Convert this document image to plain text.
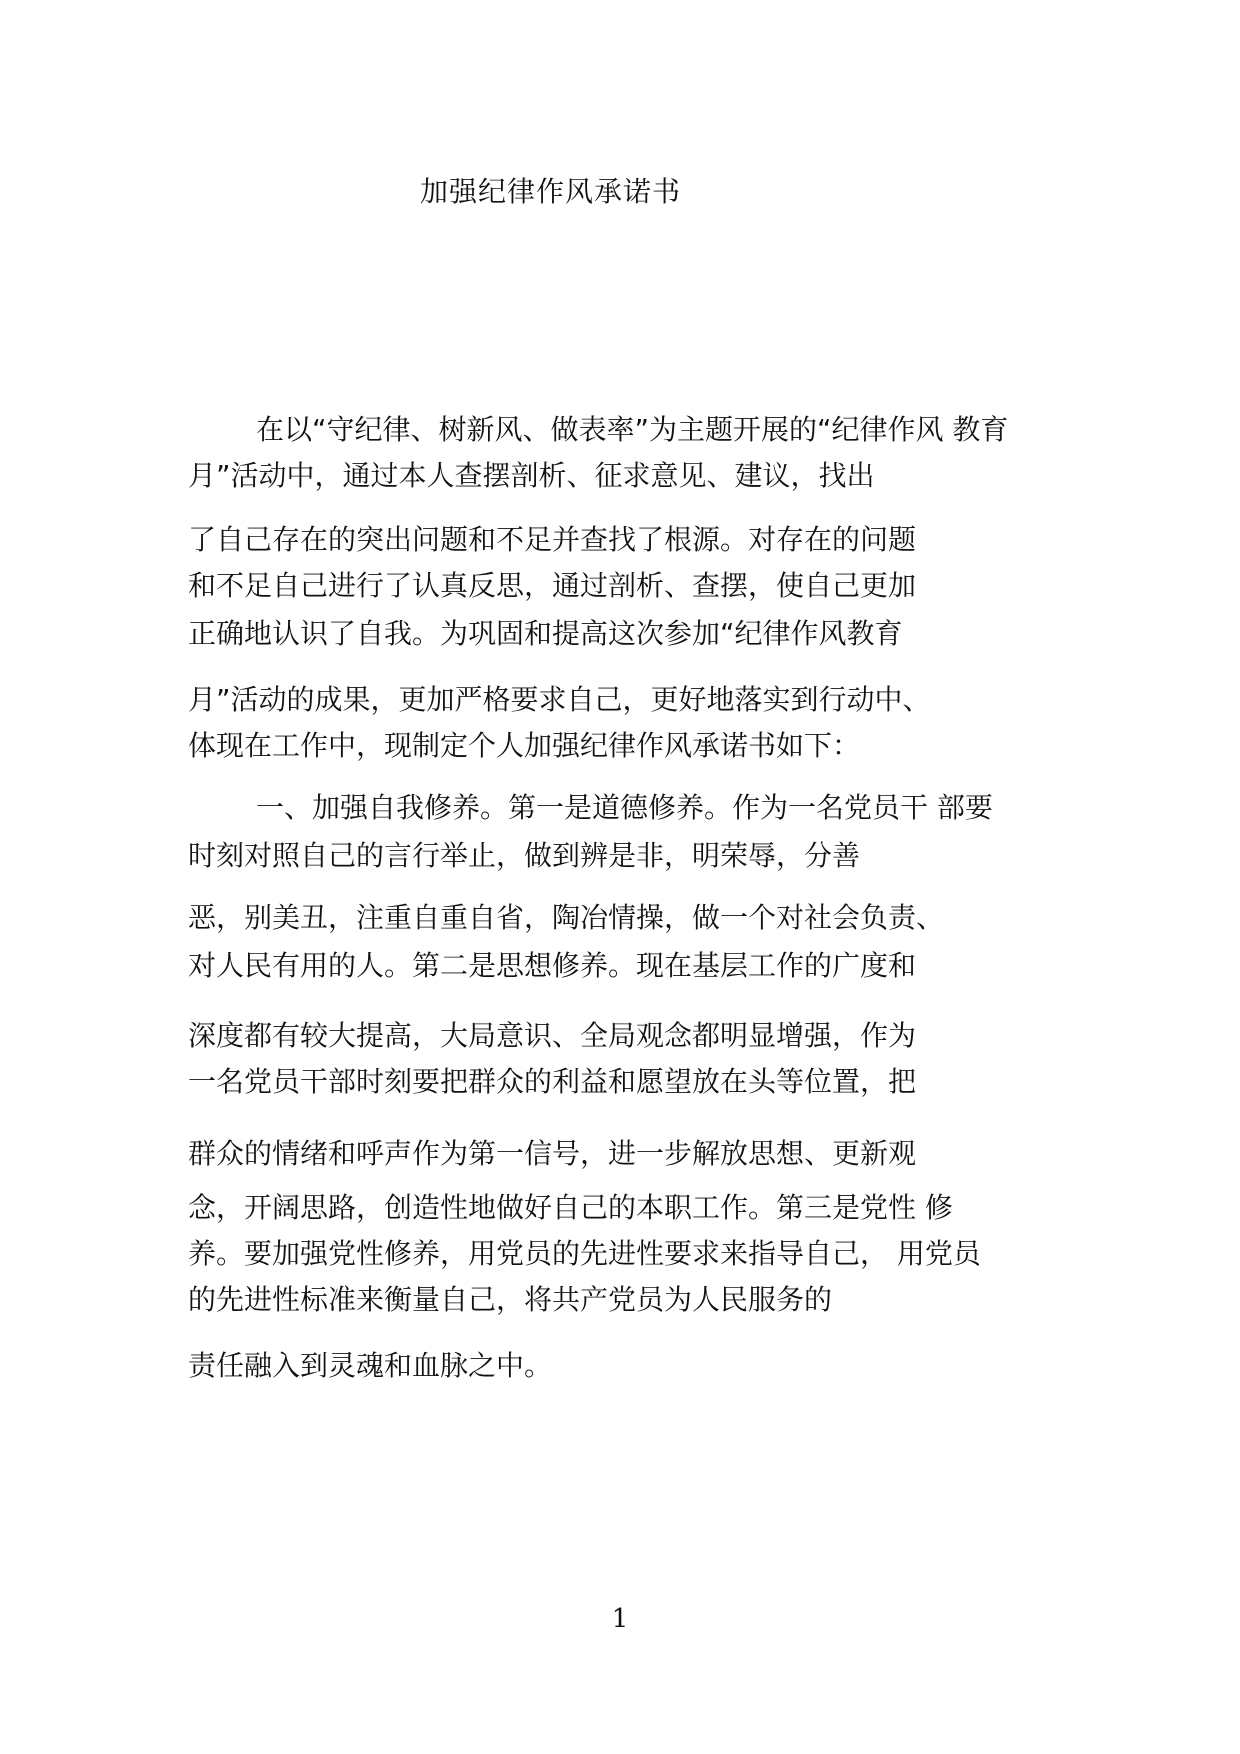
加强纪律作风承诺书
在以“守纪律、树新风、做表率”为主题开展的“纪律作风 教育
月”活动中，通过本人查摆剖析、征求意见、建议，找出
了自己存在的突出问题和不足并查找了根源。对存在的问题
和不足自己进行了认真反思，通过剖析、查摆，使自己更加
正确地认识了自我。为巩固和提高这次参加“纪律作风教育
月”活动的成果，更加严格要求自己，更好地落实到行动中、
体现在工作中，现制定个人加强纪律作风承诺书如下：
一、加强自我修养。第一是道德修养。作为一名党员干 部要
时刻对照自己的言行举止，做到辨是非，明荣辱，分善
恶，别美丑，注重自重自省，陶冶情操，做一个对社会负责、
对人民有用的人。第二是思想修养。现在基层工作的广度和
深度都有较大提高，大局意识、全局观念都明显增强，作为
一名党员干部时刻要把群众的利益和愿望放在头等位置，把
群众的情绪和呼声作为第一信号，进一步解放思想、更新观
念，开阔思路，创造性地做好自己的本职工作。第三是党性 修
养。要加强党性修养，用党员的先进性要求来指导自己， 用党员
的先进性标准来衡量自己，将共产党员为人民服务的
责任融入到灵魂和血脉之中。
1
